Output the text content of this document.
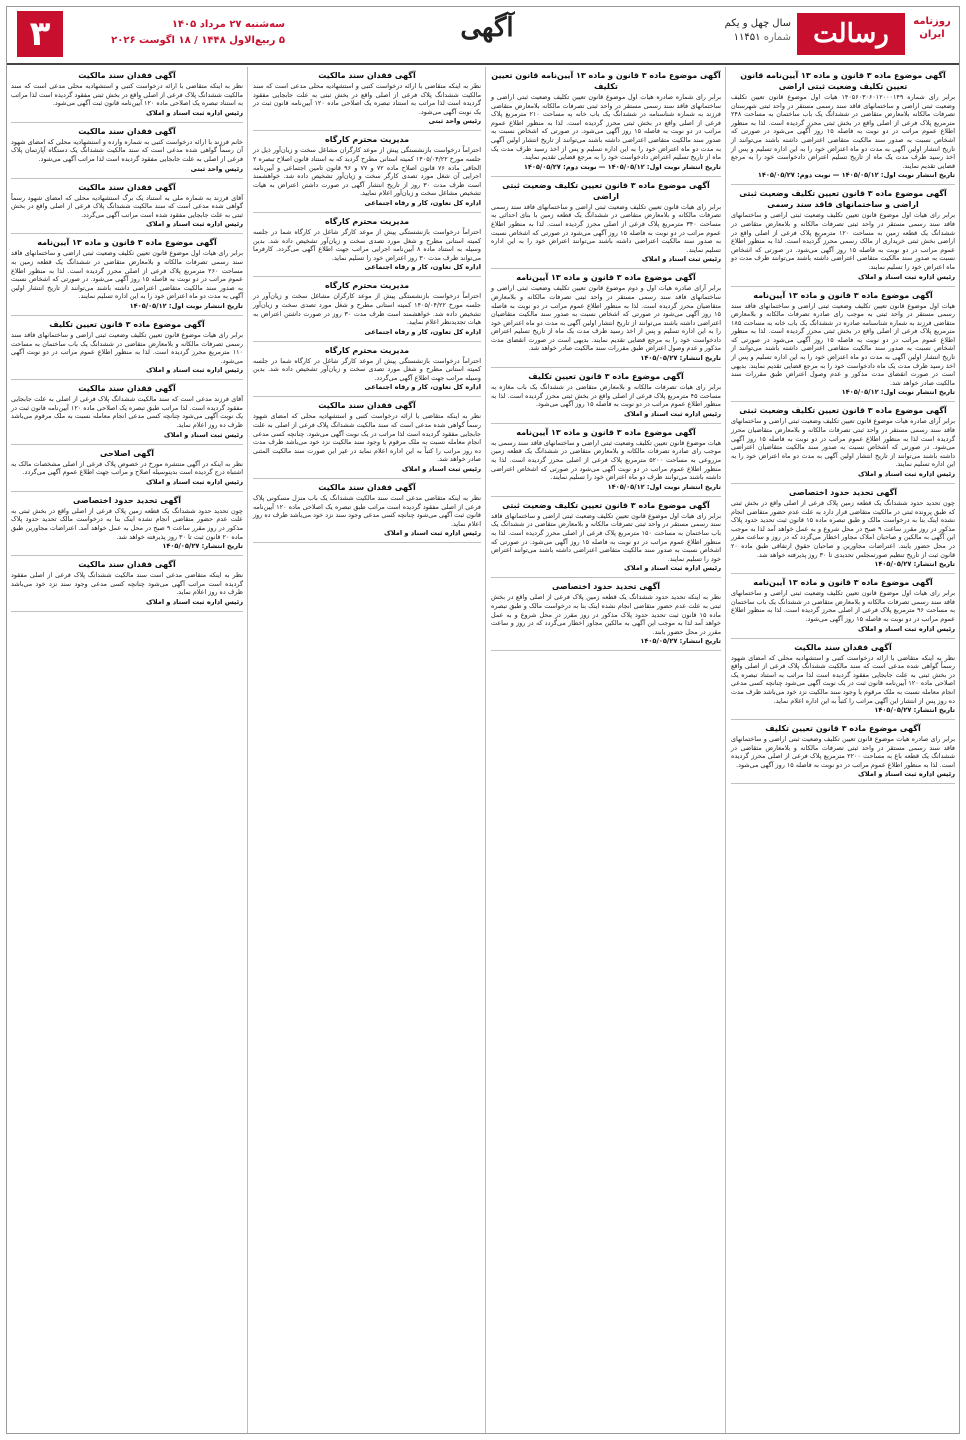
روزنامه ایران
رسالت
سال چهل و یکم
شماره ۱۱۴۵۱
آگهی
سه‌شنبه ۲۷ مرداد ۱۴۰۵
۵ ربیع‌الاول ۱۴۴۸ / ۱۸ اگوست ۲۰۲۶
۳
آگهی موضوع ماده ۳ قانون و ماده ۱۳ آیین‌نامه قانون تعیین تکلیف وضعیت ثبتی اراضی

برابر رای شماره ۱۴۰۵۶۰۳۰۶۰۱۲۰۰۰۱۴۹ هیات اول موضوع قانون تعیین تکلیف وضعیت ثبتی اراضی و ساختمانهای فاقد سند رسمی مستقر در واحد ثبتی شهرستان تصرفات مالکانه بلامعارض متقاضی در ششدانگ یک باب ساختمان به مساحت ۲۴۸ مترمربع پلاک فرعی از اصلی واقع در بخش ثبتی محرز گردیده است. لذا به منظور اطلاع عموم مراتب در دو نوبت به فاصله ۱۵ روز آگهی می‌شود در صورتی که اشخاص نسبت به صدور سند مالکیت متقاضی اعتراضی داشته باشند می‌توانند از تاریخ انتشار اولین آگهی به مدت دو ماه اعتراض خود را به این اداره تسلیم و پس از اخذ رسید ظرف مدت یک ماه از تاریخ تسلیم اعتراض دادخواست خود را به مرجع قضایی تقدیم نمایند.

تاریخ انتشار نوبت اول: ۱۴۰۵/۰۵/۱۲ — نوبت دوم: ۱۴۰۵/۰۵/۲۷
آگهی موضوع ماده ۳ قانون تعیین تکلیف وضعیت ثبتی اراضی و ساختمانهای فاقد سند رسمی

برابر رای هیات اول موضوع قانون تعیین تکلیف وضعیت ثبتی اراضی و ساختمانهای فاقد سند رسمی مستقر در واحد ثبتی تصرفات مالکانه و بلامعارض متقاضی در ششدانگ یک قطعه زمین به مساحت ۱۲۰ مترمربع پلاک فرعی از اصلی واقع در اراضی بخش ثبتی خریداری از مالک رسمی محرز گردیده است. لذا به منظور اطلاع عموم مراتب در دو نوبت به فاصله ۱۵ روز آگهی می‌شود. در صورتی که اشخاص نسبت به صدور سند مالکیت متقاضی اعتراضی داشته باشند می‌توانند ظرف مدت دو ماه اعتراض خود را تسلیم نمایند.

رئیس اداره ثبت اسناد و املاک
آگهی موضوع ماده ۳ قانون و ماده ۱۳ آیین‌نامه

هیات اول موضوع قانون تعیین تکلیف وضعیت ثبتی اراضی و ساختمانهای فاقد سند رسمی مستقر در واحد ثبتی به موجب رای صادره تصرفات مالکانه و بلامعارض متقاضی فرزند به شماره شناسنامه صادره در ششدانگ یک باب خانه به مساحت ۱۸۵ مترمربع پلاک فرعی از اصلی واقع در بخش ثبتی محرز گردیده است. لذا به منظور اطلاع عموم مراتب در دو نوبت به فاصله ۱۵ روز آگهی می‌شود در صورتی که اشخاص نسبت به صدور سند مالکیت متقاضی اعتراضی داشته باشند می‌توانند از تاریخ انتشار اولین آگهی به مدت دو ماه اعتراض خود را به این اداره تسلیم و پس از اخذ رسید ظرف مدت یک ماه دادخواست خود را به مرجع قضایی تقدیم نمایند. بدیهی است در صورت انقضای مدت مذکور و عدم وصول اعتراض طبق مقررات سند مالکیت صادر خواهد شد.

تاریخ انتشار نوبت اول: ۱۴۰۵/۰۵/۱۲
آگهی موضوع ماده ۳ قانون تعیین تکلیف وضعیت ثبتی

برابر آرای صادره هیات موضوع قانون تعیین تکلیف وضعیت ثبتی اراضی و ساختمانهای فاقد سند رسمی مستقر در واحد ثبتی تصرفات مالکانه و بلامعارض متقاضیان محرز گردیده است لذا به منظور اطلاع عموم مراتب در دو نوبت به فاصله ۱۵ روز آگهی می‌شود. در صورتی که اشخاص نسبت به صدور سند مالکیت متقاضیان اعتراضی داشته باشند می‌توانند از تاریخ انتشار اولین آگهی به مدت دو ماه اعتراض خود را به این اداره تسلیم نمایند.

رئیس اداره ثبت اسناد و املاک
آگهی تحدید حدود اختصاصی

چون تحدید حدود ششدانگ یک قطعه زمین پلاک فرعی از اصلی واقع در بخش ثبتی که طبق پرونده ثبتی در مالکیت متقاضی قرار دارد به علت عدم حضور متقاضی انجام نشده اینک بنا به درخواست مالک و طبق تبصره ماده ۱۵ قانون ثبت تحدید حدود پلاک مذکور در روز مقرر ساعت ۹ صبح در محل شروع و به عمل خواهد آمد لذا به موجب این آگهی به مالکین و صاحبان املاک مجاور اخطار می‌گردد که در روز و ساعت مقرر در محل حضور یابند. اعتراضات مجاورین و صاحبان حقوق ارتفاقی طبق ماده ۲۰ قانون ثبت از تاریخ تنظیم صورتمجلس تحدیدی تا ۳۰ روز پذیرفته خواهد شد.

تاریخ انتشار: ۱۴۰۵/۰۵/۲۷
آگهی موضوع ماده ۳ قانون و ماده ۱۳ آیین‌نامه

برابر رای هیات اول موضوع قانون تعیین تکلیف وضعیت ثبتی اراضی و ساختمانهای فاقد سند رسمی تصرفات مالکانه و بلامعارض متقاضی در ششدانگ یک باب ساختمان به مساحت ۹۶ مترمربع پلاک فرعی از اصلی محرز گردیده است. لذا به منظور اطلاع عموم مراتب در دو نوبت به فاصله ۱۵ روز آگهی می‌شود.

رئیس اداره ثبت اسناد و املاک
آگهی فقدان سند مالکیت

نظر به اینکه متقاضی با ارائه درخواست کتبی و استشهادیه محلی که امضای شهود رسماً گواهی شده مدعی است که سند مالکیت ششدانگ پلاک فرعی از اصلی واقع در بخش ثبتی به علت جابجایی مفقود گردیده است لذا مراتب به استناد تبصره یک اصلاحی ماده ۱۲۰ آیین‌نامه قانون ثبت در یک نوبت آگهی می‌شود چنانچه کسی مدعی انجام معامله نسبت به ملک مرقوم یا وجود سند مالکیت نزد خود می‌باشد ظرف مدت ده روز پس از انتشار این آگهی مراتب را کتباً به این اداره اعلام نماید.

تاریخ انتشار: ۱۴۰۵/۰۵/۲۷
آگهی موضوع ماده ۳ قانون تعیین تکلیف

برابر رای صادره هیات موضوع قانون تعیین تکلیف وضعیت ثبتی اراضی و ساختمانهای فاقد سند رسمی مستقر در واحد ثبتی تصرفات مالکانه و بلامعارض متقاضی در ششدانگ یک قطعه باغ به مساحت ۲۲۰۰ مترمربع پلاک فرعی از اصلی محرز گردیده است. لذا به منظور اطلاع عموم مراتب در دو نوبت به فاصله ۱۵ روز آگهی می‌شود.

رئیس اداره ثبت اسناد و املاک
آگهی موضوع ماده ۳ قانون و ماده ۱۳ آیین‌نامه قانون تعیین تکلیف

برابر رای شماره صادره هیات اول موضوع قانون تعیین تکلیف وضعیت ثبتی اراضی و ساختمانهای فاقد سند رسمی مستقر در واحد ثبتی تصرفات مالکانه بلامعارض متقاضی فرزند به شماره شناسنامه در ششدانگ یک باب خانه به مساحت ۲۱۰ مترمربع پلاک فرعی از اصلی واقع در بخش ثبتی محرز گردیده است. لذا به منظور اطلاع عموم مراتب در دو نوبت به فاصله ۱۵ روز آگهی می‌شود. در صورتی که اشخاص نسبت به صدور سند مالکیت متقاضی اعتراضی داشته باشند می‌توانند از تاریخ انتشار اولین آگهی به مدت دو ماه اعتراض خود را به این اداره تسلیم و پس از اخذ رسید ظرف مدت یک ماه از تاریخ تسلیم اعتراض دادخواست خود را به مرجع قضایی تقدیم نمایند.

تاریخ انتشار نوبت اول: ۱۴۰۵/۰۵/۱۲ — نوبت دوم: ۱۴۰۵/۰۵/۲۷
آگهی موضوع ماده ۳ قانون تعیین تکلیف وضعیت ثبتی اراضی

برابر رای هیات قانون تعیین تکلیف وضعیت ثبتی اراضی و ساختمانهای فاقد سند رسمی تصرفات مالکانه و بلامعارض متقاضی در ششدانگ یک قطعه زمین با بنای احداثی به مساحت ۳۴۰ مترمربع پلاک فرعی از اصلی محرز گردیده است. لذا به منظور اطلاع عموم مراتب در دو نوبت به فاصله ۱۵ روز آگهی می‌شود در صورتی که اشخاص نسبت به صدور سند مالکیت اعتراضی داشته باشند می‌توانند اعتراض خود را به این اداره تسلیم نمایند.

رئیس ثبت اسناد و املاک
آگهی موضوع ماده ۳ قانون و ماده ۱۳ آیین‌نامه

برابر آرای صادره هیات اول و دوم موضوع قانون تعیین تکلیف وضعیت ثبتی اراضی و ساختمانهای فاقد سند رسمی مستقر در واحد ثبتی تصرفات مالکانه و بلامعارض متقاضیان محرز گردیده است. لذا به منظور اطلاع عموم مراتب در دو نوبت به فاصله ۱۵ روز آگهی می‌شود در صورتی که اشخاص نسبت به صدور سند مالکیت متقاضیان اعتراضی داشته باشند می‌توانند از تاریخ انتشار اولین آگهی به مدت دو ماه اعتراض خود را به این اداره تسلیم و پس از اخذ رسید ظرف مدت یک ماه از تاریخ تسلیم اعتراض دادخواست خود را به مرجع قضایی تقدیم نمایند. بدیهی است در صورت انقضای مدت مذکور و عدم وصول اعتراض طبق مقررات سند مالکیت صادر خواهد شد.

تاریخ انتشار: ۱۴۰۵/۰۵/۲۷
آگهی موضوع ماده ۳ قانون تعیین تکلیف

برابر رای هیات تصرفات مالکانه و بلامعارض متقاضی در ششدانگ یک باب مغازه به مساحت ۴۵ مترمربع پلاک فرعی از اصلی واقع در بخش ثبتی محرز گردیده است. لذا به منظور اطلاع عموم مراتب در دو نوبت به فاصله ۱۵ روز آگهی می‌شود.

رئیس اداره ثبت اسناد و املاک
آگهی موضوع ماده ۳ قانون و ماده ۱۳ آیین‌نامه

هیات موضوع قانون تعیین تکلیف وضعیت ثبتی اراضی و ساختمانهای فاقد سند رسمی به موجب رای صادره تصرفات مالکانه و بلامعارض متقاضی در ششدانگ یک قطعه زمین مزروعی به مساحت ۵۲۰۰ مترمربع پلاک فرعی از اصلی محرز گردیده است. لذا به منظور اطلاع عموم مراتب در دو نوبت آگهی می‌شود در صورتی که اشخاص اعتراضی داشته باشند می‌توانند ظرف دو ماه اعتراض خود را تسلیم نمایند.

تاریخ انتشار نوبت اول: ۱۴۰۵/۰۵/۱۲
آگهی موضوع ماده ۳ قانون تعیین تکلیف وضعیت ثبتی

برابر رای هیات اول موضوع قانون تعیین تکلیف وضعیت ثبتی اراضی و ساختمانهای فاقد سند رسمی مستقر در واحد ثبتی تصرفات مالکانه و بلامعارض متقاضی در ششدانگ یک باب ساختمان به مساحت ۱۵۰ مترمربع پلاک فرعی از اصلی محرز گردیده است. لذا به منظور اطلاع عموم مراتب در دو نوبت به فاصله ۱۵ روز آگهی می‌شود. در صورتی که اشخاص نسبت به صدور سند مالکیت متقاضی اعتراضی داشته باشند می‌توانند اعتراض خود را تسلیم نمایند.

رئیس اداره ثبت اسناد و املاک
آگهی تحدید حدود اختصاصی

نظر به اینکه تحدید حدود ششدانگ یک قطعه زمین پلاک فرعی از اصلی واقع در بخش ثبتی به علت عدم حضور متقاضی انجام نشده اینک بنا به درخواست مالک و طبق تبصره ماده ۱۵ قانون ثبت تحدید حدود پلاک مذکور در روز مقرر در محل شروع و به عمل خواهد آمد لذا به موجب این آگهی به مالکین مجاور اخطار می‌گردد که در روز و ساعت مقرر در محل حضور یابند.

تاریخ انتشار: ۱۴۰۵/۰۵/۲۷
آگهی فقدان سند مالکیت

نظر به اینکه متقاضی با ارائه درخواست کتبی و استشهادیه محلی مدعی است که سند مالکیت ششدانگ پلاک فرعی از اصلی واقع در بخش ثبتی به علت جابجایی مفقود گردیده است لذا مراتب به استناد تبصره یک اصلاحی ماده ۱۲۰ آیین‌نامه قانون ثبت در یک نوبت آگهی می‌شود.

رئیس واحد ثبتی
مدیریت محترم کارگاه

احتراماً درخواست بازنشستگی پیش از موعد کارگران مشاغل سخت و زیان‌آور ذیل در جلسه مورخ ۱۴۰۵/۰۴/۲۲ کمیته استانی مطرح گردید که به استناد قانون اصلاح تبصره ۲ الحاقی ماده ۷۶ قانون اصلاح ماده ۷۲ و ۷۷ و ۹۶ قانون تامین اجتماعی و آیین‌نامه اجرایی آن شغل مورد تصدی کارگر سخت و زیان‌آور تشخیص داده شد. خواهشمند است ظرف مدت ۳۰ روز از تاریخ انتشار آگهی در صورت داشتن اعتراض به هیات تشخیص مشاغل سخت و زیان‌آور اعلام نمایید.

اداره کل تعاون، کار و رفاه اجتماعی
مدیریت محترم کارگاه

احتراماً درخواست بازنشستگی پیش از موعد کارگر شاغل در کارگاه شما در جلسه کمیته استانی مطرح و شغل مورد تصدی سخت و زیان‌آور تشخیص داده شد. بدین وسیله به استناد ماده ۸ آیین‌نامه اجرایی مراتب جهت اطلاع آگهی می‌گردد. کارفرما می‌تواند ظرف مدت ۳۰ روز اعتراض خود را تسلیم نماید.

اداره کل تعاون، کار و رفاه اجتماعی
مدیریت محترم کارگاه

احتراماً درخواست بازنشستگی پیش از موعد کارگران مشاغل سخت و زیان‌آور در جلسه مورخ ۱۴۰۵/۰۴/۲۲ کمیته استانی مطرح و شغل مورد تصدی سخت و زیان‌آور تشخیص داده شد. خواهشمند است ظرف مدت ۳۰ روز در صورت داشتن اعتراض به هیات تجدیدنظر اعلام نمایید.

اداره کل تعاون، کار و رفاه اجتماعی
مدیریت محترم کارگاه

احتراماً درخواست بازنشستگی پیش از موعد کارگر شاغل در کارگاه شما در جلسه کمیته استانی مطرح و شغل مورد تصدی سخت و زیان‌آور تشخیص داده شد. بدین وسیله مراتب جهت اطلاع آگهی می‌گردد.

اداره کل تعاون، کار و رفاه اجتماعی
آگهی فقدان سند مالکیت

نظر به اینکه متقاضی با ارائه درخواست کتبی و استشهادیه محلی که امضای شهود رسماً گواهی شده مدعی است که سند مالکیت ششدانگ پلاک فرعی از اصلی به علت جابجایی مفقود گردیده است لذا مراتب در یک نوبت آگهی می‌شود. چنانچه کسی مدعی انجام معامله نسبت به ملک مرقوم یا وجود سند مالکیت نزد خود می‌باشد ظرف مدت ده روز مراتب را کتباً به این اداره اعلام نماید در غیر این صورت سند مالکیت المثنی صادر خواهد شد.

رئیس ثبت اسناد و املاک
آگهی فقدان سند مالکیت

نظر به اینکه متقاضی مدعی است سند مالکیت ششدانگ یک باب منزل مسکونی پلاک فرعی از اصلی مفقود گردیده است مراتب طبق تبصره یک اصلاحی ماده ۱۲۰ آیین‌نامه قانون ثبت آگهی می‌شود چنانچه کسی مدعی وجود سند نزد خود می‌باشد ظرف ده روز اعلام نماید.

رئیس اداره ثبت اسناد و املاک
آگهی فقدان سند مالکیت

نظر به اینکه متقاضی با ارائه درخواست کتبی و استشهادیه محلی مدعی است که سند مالکیت ششدانگ پلاک فرعی از اصلی واقع در بخش ثبتی مفقود گردیده است لذا مراتب به استناد تبصره یک اصلاحی ماده ۱۲۰ آیین‌نامه قانون ثبت آگهی می‌شود.

رئیس اداره ثبت اسناد و املاک
آگهی فقدان سند مالکیت

خانم فرزند با ارائه درخواست کتبی به شماره وارده و استشهادیه محلی که امضای شهود آن رسماً گواهی شده مدعی است که سند مالکیت ششدانگ یک دستگاه آپارتمان پلاک فرعی از اصلی به علت جابجایی مفقود گردیده است لذا مراتب آگهی می‌شود.

رئیس واحد ثبتی
آگهی فقدان سند مالکیت

آقای فرزند به شماره ملی به استناد یک برگ استشهادیه محلی که امضای شهود رسماً گواهی شده مدعی است که سند مالکیت ششدانگ پلاک فرعی از اصلی واقع در بخش ثبتی به علت جابجایی مفقود شده است مراتب آگهی می‌گردد.

رئیس اداره ثبت اسناد و املاک
آگهی موضوع ماده ۳ قانون و ماده ۱۳ آیین‌نامه

برابر رای هیات اول موضوع قانون تعیین تکلیف وضعیت ثبتی اراضی و ساختمانهای فاقد سند رسمی تصرفات مالکانه و بلامعارض متقاضی در ششدانگ یک قطعه زمین به مساحت ۲۶۰ مترمربع پلاک فرعی از اصلی محرز گردیده است. لذا به منظور اطلاع عموم مراتب در دو نوبت به فاصله ۱۵ روز آگهی می‌شود. در صورتی که اشخاص نسبت به صدور سند مالکیت متقاضی اعتراضی داشته باشند می‌توانند از تاریخ انتشار اولین آگهی به مدت دو ماه اعتراض خود را به این اداره تسلیم نمایند.

تاریخ انتشار نوبت اول: ۱۴۰۵/۰۵/۱۲
آگهی موضوع ماده ۳ قانون تعیین تکلیف

برابر رای هیات موضوع قانون تعیین تکلیف وضعیت ثبتی اراضی و ساختمانهای فاقد سند رسمی تصرفات مالکانه و بلامعارض متقاضی در ششدانگ یک باب ساختمان به مساحت ۱۱۰ مترمربع محرز گردیده است. لذا به منظور اطلاع عموم مراتب در دو نوبت آگهی می‌شود.

رئیس اداره ثبت اسناد و املاک
آگهی فقدان سند مالکیت

آقای فرزند مدعی است که سند مالکیت ششدانگ پلاک فرعی از اصلی به علت جابجایی مفقود گردیده است. لذا مراتب طبق تبصره یک اصلاحی ماده ۱۲۰ آیین‌نامه قانون ثبت در یک نوبت آگهی می‌شود چنانچه کسی مدعی انجام معامله نسبت به ملک مرقوم می‌باشد ظرف ده روز اعلام نماید.

رئیس ثبت اسناد و املاک
آگهی اصلاحی

نظر به اینکه در آگهی منتشره مورخ در خصوص پلاک فرعی از اصلی مشخصات مالک به اشتباه درج گردیده است بدینوسیله اصلاح و مراتب جهت اطلاع عموم آگهی می‌گردد.

رئیس اداره ثبت اسناد و املاک
آگهی تحدید حدود اختصاصی

چون تحدید حدود ششدانگ یک قطعه زمین پلاک فرعی از اصلی واقع در بخش ثبتی به علت عدم حضور متقاضی انجام نشده اینک بنا به درخواست مالک تحدید حدود پلاک مذکور در روز مقرر ساعت ۹ صبح در محل به عمل خواهد آمد. اعتراضات مجاورین طبق ماده ۲۰ قانون ثبت تا ۳۰ روز پذیرفته خواهد شد.

تاریخ انتشار: ۱۴۰۵/۰۵/۲۷
آگهی فقدان سند مالکیت

نظر به اینکه متقاضی مدعی است سند مالکیت ششدانگ پلاک فرعی از اصلی مفقود گردیده است مراتب آگهی می‌شود چنانچه کسی مدعی وجود سند نزد خود می‌باشد ظرف ده روز اعلام نماید.

رئیس اداره ثبت اسناد و املاک
